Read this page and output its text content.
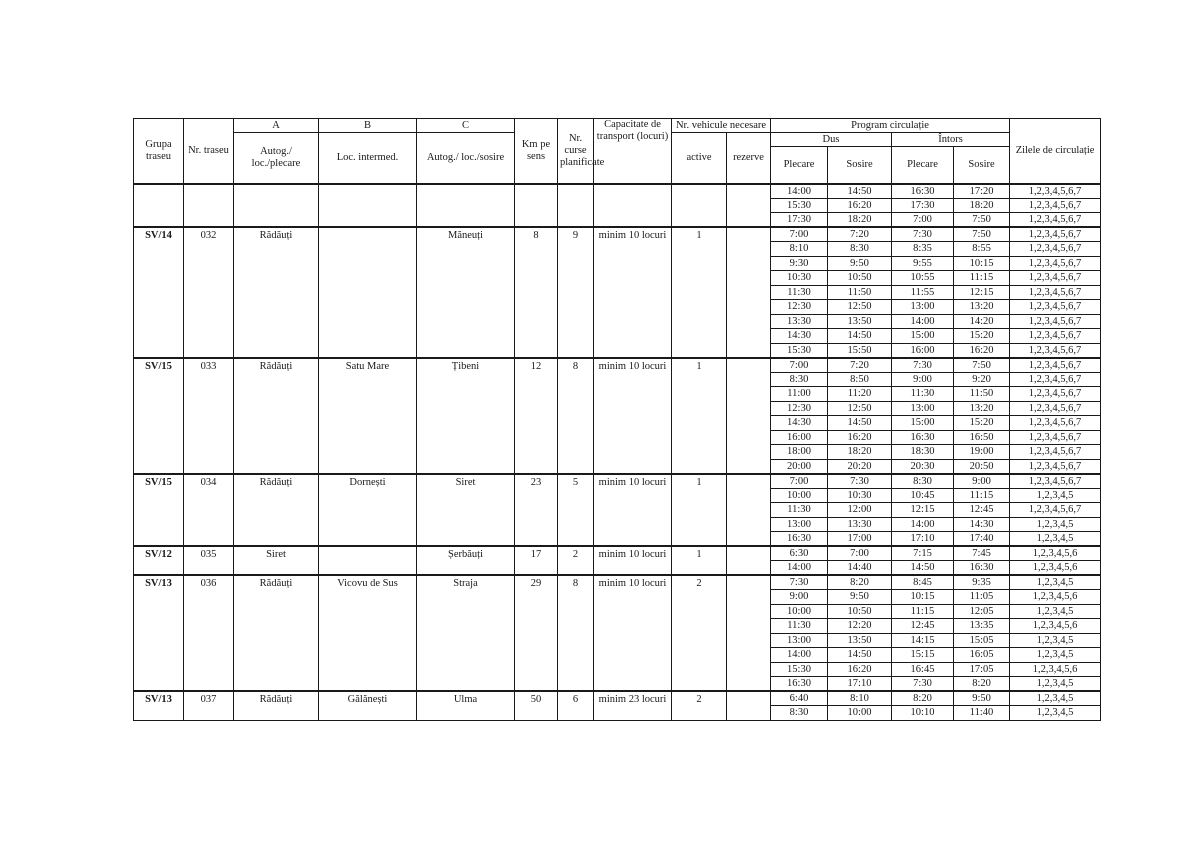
Grupa traseu	Nr. traseu	A	B	C	Km pe sens	Nr. curse planificate	Capacitate de transport (locuri)	Nr. vehicule necesare		Program circulație				Zilele de circulație
		Autog./ loc./plecare	Loc. intermed.	Autog./ loc./sosire				active	rezerve	Dus		Întors		
										Plecare	Sosire	Plecare	Sosire	
										14:00	14:50	16:30	17:20	1,2,3,4,5,6,7
										15:30	16:20	17:30	18:20	1,2,3,4,5,6,7
										17:30	18:20	7:00	7:50	1,2,3,4,5,6,7
SV/14	032	Rădăuți		Măneuți	8	9	minim 10 locuri	1		7:00	7:20	7:30	7:50	1,2,3,4,5,6,7
										8:10	8:30	8:35	8:55	1,2,3,4,5,6,7
										9:30	9:50	9:55	10:15	1,2,3,4,5,6,7
										10:30	10:50	10:55	11:15	1,2,3,4,5,6,7
										11:30	11:50	11:55	12:15	1,2,3,4,5,6,7
										12:30	12:50	13:00	13:20	1,2,3,4,5,6,7
										13:30	13:50	14:00	14:20	1,2,3,4,5,6,7
										14:30	14:50	15:00	15:20	1,2,3,4,5,6,7
										15:30	15:50	16:00	16:20	1,2,3,4,5,6,7
SV/15	033	Rădăuți	Satu Mare	Țibeni	12	8	minim 10 locuri	1		7:00	7:20	7:30	7:50	1,2,3,4,5,6,7
										8:30	8:50	9:00	9:20	1,2,3,4,5,6,7
										11:00	11:20	11:30	11:50	1,2,3,4,5,6,7
										12:30	12:50	13:00	13:20	1,2,3,4,5,6,7
										14:30	14:50	15:00	15:20	1,2,3,4,5,6,7
										16:00	16:20	16:30	16:50	1,2,3,4,5,6,7
										18:00	18:20	18:30	19:00	1,2,3,4,5,6,7
										20:00	20:20	20:30	20:50	1,2,3,4,5,6,7
SV/15	034	Rădăuți	Dornești	Siret	23	5	minim 10 locuri	1		7:00	7:30	8:30	9:00	1,2,3,4,5,6,7
										10:00	10:30	10:45	11:15	1,2,3,4,5
										11:30	12:00	12:15	12:45	1,2,3,4,5,6,7
										13:00	13:30	14:00	14:30	1,2,3,4,5
										16:30	17:00	17:10	17:40	1,2,3,4,5
SV/12	035	Siret		Șerbăuți	17	2	minim 10 locuri	1		6:30	7:00	7:15	7:45	1,2,3,4,5,6
										14:00	14:40	14:50	16:30	1,2,3,4,5,6
SV/13	036	Rădăuți	Vicovu de Sus	Straja	29	8	minim 10 locuri	2		7:30	8:20	8:45	9:35	1,2,3,4,5
										9:00	9:50	10:15	11:05	1,2,3,4,5,6
										10:00	10:50	11:15	12:05	1,2,3,4,5
										11:30	12:20	12:45	13:35	1,2,3,4,5,6
										13:00	13:50	14:15	15:05	1,2,3,4,5
										14:00	14:50	15:15	16:05	1,2,3,4,5
										15:30	16:20	16:45	17:05	1,2,3,4,5,6
										16:30	17:10	7:30	8:20	1,2,3,4,5
SV/13	037	Rădăuți	Gălănești	Ulma	50	6	minim 23 locuri	2		6:40	8:10	8:20	9:50	1,2,3,4,5
										8:30	10:00	10:10	11:40	1,2,3,4,5
